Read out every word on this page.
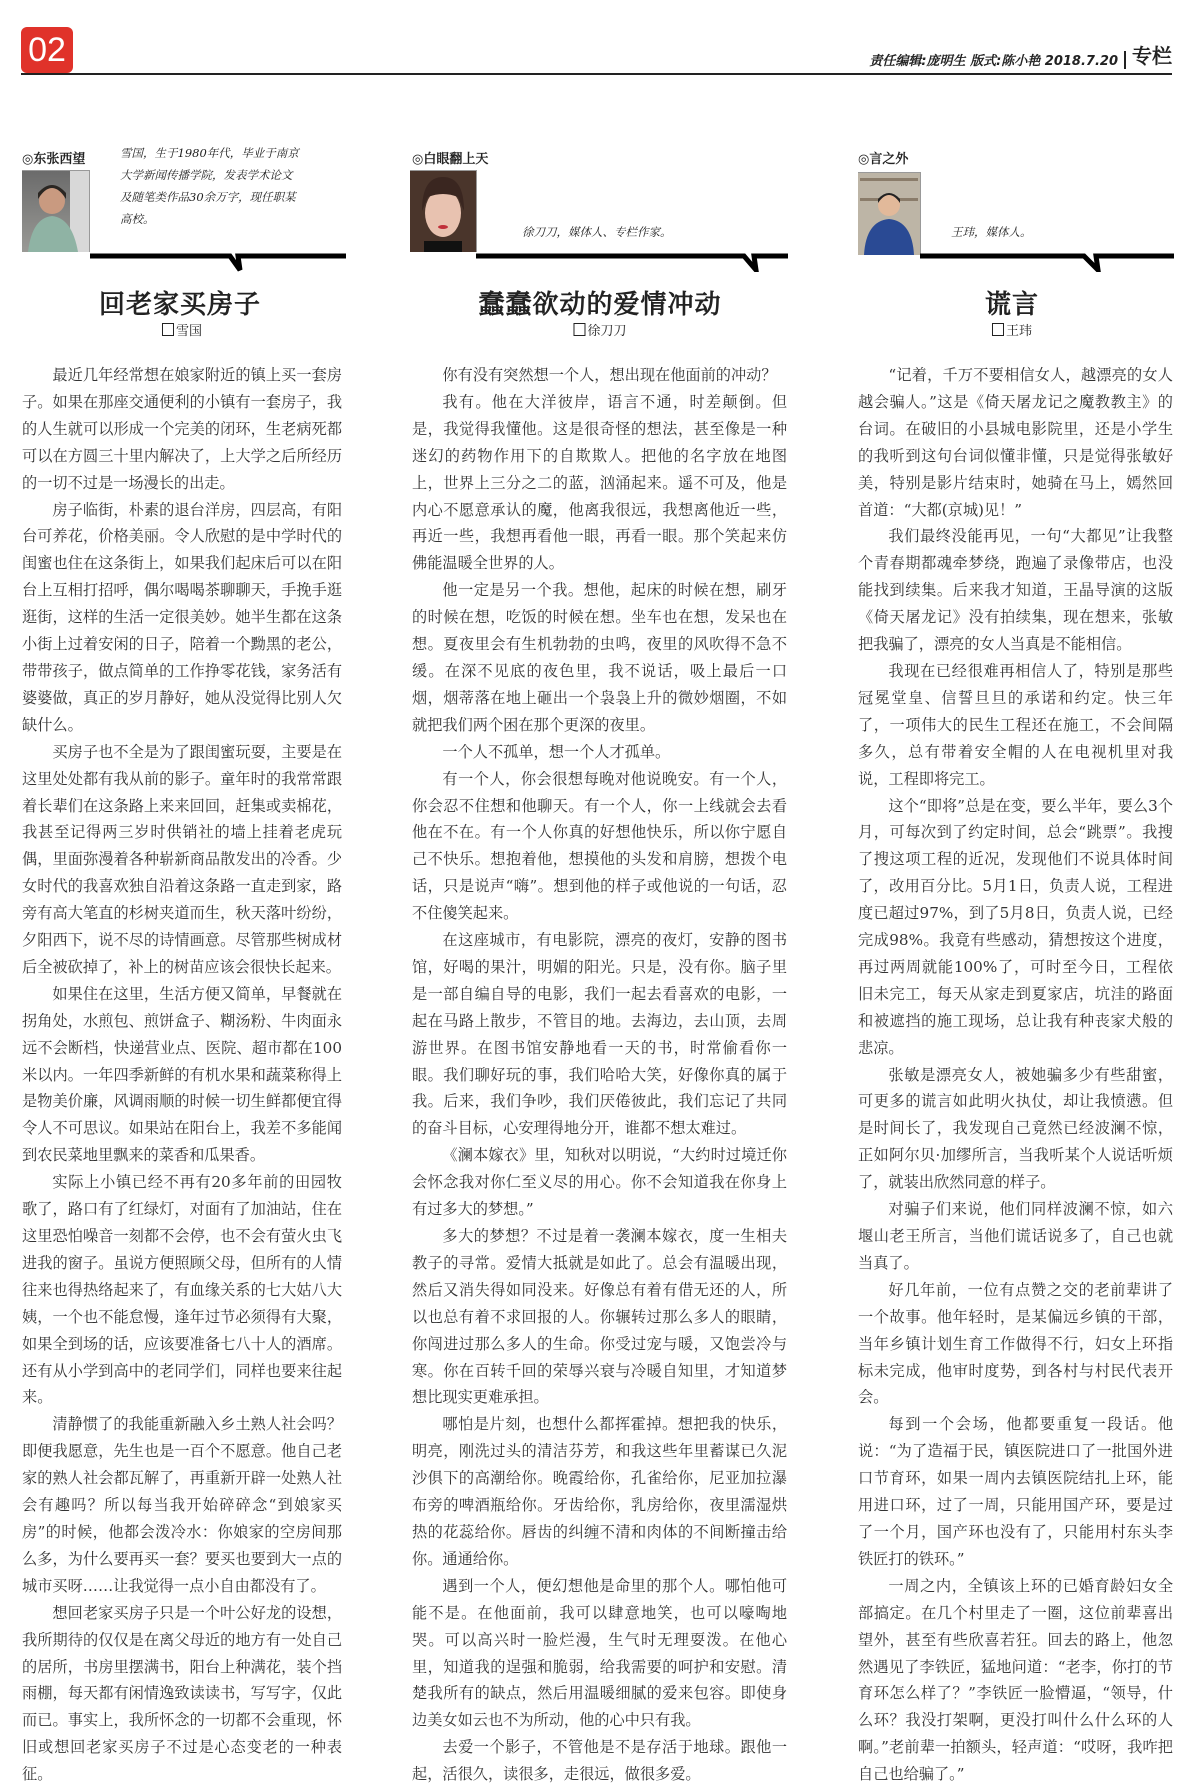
02	责任编辑:庞明生 版式:陈小艳 2018.7.20 专栏
◎东张西望	雪国，生于1980年代，毕业于南京大学新闻传播学院，发表学术论文及随笔类作品30余万字，现任职某高校。
回老家买房子
雪国

最近几年经常想在娘家附近的镇上买一套房子。如果在那座交通便利的小镇有一套房子，我的人生就可以形成一个完美的闭环，生老病死都可以在方圆三十里内解决了，上大学之后所经历的一切不过是一场漫长的出走。

房子临街，朴素的退台洋房，四层高，有阳台可养花，价格美丽。令人欣慰的是中学时代的闺蜜也住在这条街上，如果我们起床后可以在阳台上互相打招呼，偶尔喝喝茶聊聊天，手挽手逛逛街，这样的生活一定很美妙。她半生都在这条小街上过着安闲的日子，陪着一个黝黑的老公，带带孩子，做点简单的工作挣零花钱，家务活有婆婆做，真正的岁月静好，她从没觉得比别人欠缺什么。

买房子也不全是为了跟闺蜜玩耍，主要是在这里处处都有我从前的影子。童年时的我常常跟着长辈们在这条路上来来回回，赶集或卖棉花，我甚至记得两三岁时供销社的墙上挂着老虎玩偶，里面弥漫着各种崭新商品散发出的冷香。少女时代的我喜欢独自沿着这条路一直走到家，路旁有高大笔直的杉树夹道而生，秋天落叶纷纷，夕阳西下，说不尽的诗情画意。尽管那些树成材后全被砍掉了，补上的树苗应该会很快长起来。

如果住在这里，生活方便又简单，早餐就在拐角处，水煎包、煎饼盒子、糊汤粉、牛肉面永远不会断档，快递营业点、医院、超市都在100米以内。一年四季新鲜的有机水果和蔬菜称得上是物美价廉，风调雨顺的时候一切生鲜都便宜得令人不可思议。如果站在阳台上，我差不多能闻到农民菜地里飘来的菜香和瓜果香。

实际上小镇已经不再有20多年前的田园牧歌了，路口有了红绿灯，对面有了加油站，住在这里恐怕噪音一刻都不会停，也不会有萤火虫飞进我的窗子。虽说方便照顾父母，但所有的人情往来也得热络起来了，有血缘关系的七大姑八大姨，一个也不能怠慢，逢年过节必须得有大聚，如果全到场的话，应该要准备七八十人的酒席。还有从小学到高中的老同学们，同样也要来往起来。

清静惯了的我能重新融入乡土熟人社会吗？即便我愿意，先生也是一百个不愿意。他自己老家的熟人社会都瓦解了，再重新开辟一处熟人社会有趣吗？所以每当我开始碎碎念“到娘家买房”的时候，他都会泼冷水：你娘家的空房间那么多，为什么要再买一套？要买也要到大一点的城市买呀……让我觉得一点小自由都没有了。

想回老家买房子只是一个叶公好龙的设想，我所期待的仅仅是在离父母近的地方有一处自己的居所，书房里摆满书，阳台上种满花，装个挡雨棚，每天都有闲情逸致读读书，写写字，仅此而已。事实上，我所怀念的一切都不会重现，怀旧或想回老家买房子不过是心态变老的一种表征。

◎白眼翻上天
徐刀刀，媒体人、专栏作家。
蠢蠢欲动的爱情冲动
徐刀刀

你有没有突然想一个人，想出现在他面前的冲动？

我有。他在大洋彼岸，语言不通，时差颠倒。但是，我觉得我懂他。这是很奇怪的想法，甚至像是一种迷幻的药物作用下的自欺欺人。把他的名字放在地图上，世界上三分之二的蓝，汹涌起来。遥不可及，他是内心不愿意承认的魔，他离我很远，我想离他近一些，再近一些，我想再看他一眼，再看一眼。那个笑起来仿佛能温暖全世界的人。

他一定是另一个我。想他，起床的时候在想，刷牙的时候在想，吃饭的时候在想。坐车也在想，发呆也在想。夏夜里会有生机勃勃的虫鸣，夜里的风吹得不急不缓。在深不见底的夜色里，我不说话，吸上最后一口烟，烟蒂落在地上砸出一个袅袅上升的微妙烟圈，不如就把我们两个困在那个更深的夜里。

一个人不孤单，想一个人才孤单。

有一个人，你会很想每晚对他说晚安。有一个人，你会忍不住想和他聊天。有一个人，你一上线就会去看他在不在。有一个人你真的好想他快乐，所以你宁愿自己不快乐。想抱着他，想摸他的头发和肩膀，想拨个电话，只是说声“嗨”。想到他的样子或他说的一句话，忍不住傻笑起来。

在这座城市，有电影院，漂亮的夜灯，安静的图书馆，好喝的果汁，明媚的阳光。只是，没有你。脑子里是一部自编自导的电影，我们一起去看喜欢的电影，一起在马路上散步，不管目的地。去海边，去山顶，去周游世界。在图书馆安静地看一天的书，时常偷看你一眼。我们聊好玩的事，我们哈哈大笑，好像你真的属于我。后来，我们争吵，我们厌倦彼此，我们忘记了共同的奋斗目标，心安理得地分开，谁都不想太难过。

《澜本嫁衣》里，知秋对以明说，“大约时过境迁你会怀念我对你仁至义尽的用心。你不会知道我在你身上有过多大的梦想。”

多大的梦想？不过是着一袭澜本嫁衣，度一生相夫教子的寻常。爱情大抵就是如此了。总会有温暖出现，然后又消失得如同没来。好像总有着有借无还的人，所以也总有着不求回报的人。你辗转过那么多人的眼睛，你闯进过那么多人的生命。你受过宠与暖，又饱尝冷与寒。你在百转千回的荣辱兴衰与冷暖自知里，才知道梦想比现实更难承担。

哪怕是片刻，也想什么都挥霍掉。想把我的快乐，明亮，刚洗过头的清洁芬芳，和我这些年里蓄谋已久泥沙俱下的高潮给你。晚霞给你，孔雀给你，尼亚加拉瀑布旁的啤酒瓶给你。牙齿给你，乳房给你，夜里濡湿烘热的花蕊给你。唇齿的纠缠不清和肉体的不间断撞击给你。通通给你。

遇到一个人，便幻想他是命里的那个人。哪怕他可能不是。在他面前，我可以肆意地笑，也可以嚎啕地哭。可以高兴时一脸烂漫，生气时无理耍泼。在他心里，知道我的逞强和脆弱，给我需要的呵护和安慰。清楚我所有的缺点，然后用温暖细腻的爱来包容。即使身边美女如云也不为所动，他的心中只有我。

去爱一个影子，不管他是不是存活于地球。跟他一起，活很久，读很多，走很远，做很多爱。

◎言之外
王玮，媒体人。
谎言
王玮

“记着，千万不要相信女人，越漂亮的女人越会骗人。”这是《倚天屠龙记之魔教教主》的台词。在破旧的小县城电影院里，还是小学生的我听到这句台词似懂非懂，只是觉得张敏好美，特别是影片结束时，她骑在马上，嫣然回首道：“大都(京城)见！”

我们最终没能再见，一句“大都见”让我整个青春期都魂牵梦绕，跑遍了录像带店，也没能找到续集。后来我才知道，王晶导演的这版《倚天屠龙记》没有拍续集，现在想来，张敏把我骗了，漂亮的女人当真是不能相信。

我现在已经很难再相信人了，特别是那些冠冕堂皇、信誓旦旦的承诺和约定。快三年了，一项伟大的民生工程还在施工，不会间隔多久，总有带着安全帽的人在电视机里对我说，工程即将完工。

这个“即将”总是在变，要么半年，要么3个月，可每次到了约定时间，总会“跳票”。我搜了搜这项工程的近况，发现他们不说具体时间了，改用百分比。5月1日，负责人说，工程进度已超过97%，到了5月8日，负责人说，已经完成98%。我竟有些感动，猜想按这个进度，再过两周就能100%了，可时至今日，工程依旧未完工，每天从家走到夏家店，坑洼的路面和被遮挡的施工现场，总让我有种丧家犬般的悲凉。

张敏是漂亮女人，被她骗多少有些甜蜜，可更多的谎言如此明火执仗，却让我愤懑。但是时间长了，我发现自己竟然已经波澜不惊，正如阿尔贝·加缪所言，当我听某个人说话听烦了，就装出欣然同意的样子。

对骗子们来说，他们同样波澜不惊，如六堰山老王所言，当他们谎话说多了，自己也就当真了。

好几年前，一位有点赞之交的老前辈讲了一个故事。他年轻时，是某偏远乡镇的干部，当年乡镇计划生育工作做得不行，妇女上环指标未完成，他审时度势，到各村与村民代表开会。

每到一个会场，他都要重复一段话。他说：“为了造福于民，镇医院进口了一批国外进口节育环，如果一周内去镇医院结扎上环，能用进口环，过了一周，只能用国产环，要是过了一个月，国产环也没有了，只能用村东头李铁匠打的铁环。”

一周之内，全镇该上环的已婚育龄妇女全部搞定。在几个村里走了一圈，这位前辈喜出望外，甚至有些欣喜若狂。回去的路上，他忽然遇见了李铁匠，猛地问道：“老李，你打的节育环怎么样了？”李铁匠一脸懵逼，“领导，什么环？我没打架啊，更没打叫什么什么环的人啊。”老前辈一拍额头，轻声道：“哎呀，我咋把自己也给骗了。”
